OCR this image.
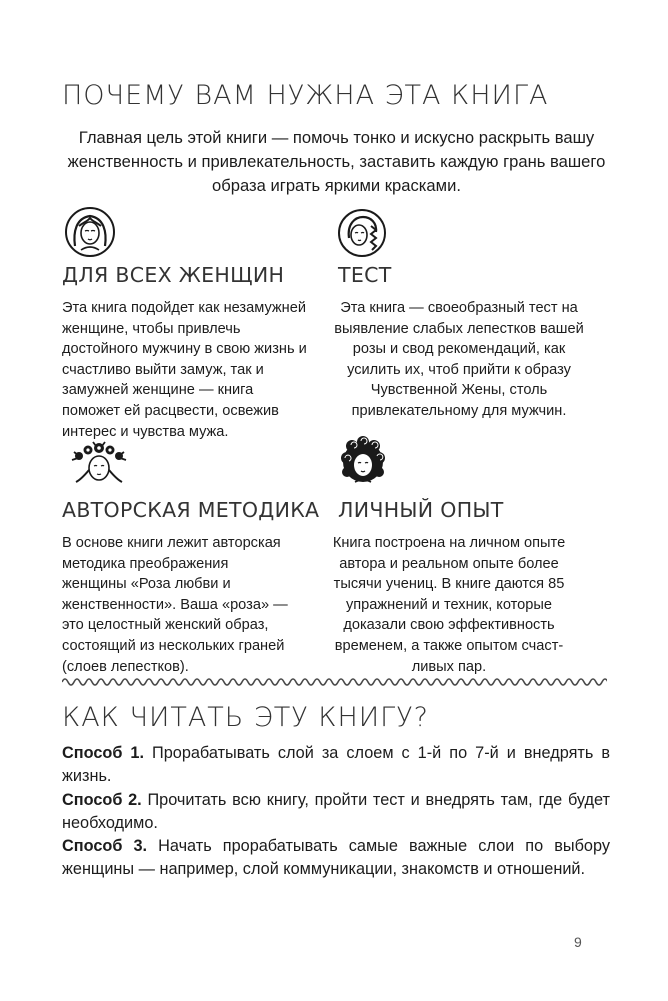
ПОЧЕМУ ВАМ НУЖНА ЭТА КНИГА
Главная цель этой книги — помочь тонко и искусно раскрыть вашу женственность и привлекательность, заставить каждую грань вашего образа играть яркими красками.
ДЛЯ ВСЕХ ЖЕНЩИН	ТЕСТ
Эта книга подойдет как незамужней женщине, чтобы привлечь достойного мужчину в свою жизнь и счастливо выйти замуж, так и замужней женщине — книга поможет ей расцвести, освежив интерес и чувства мужа.
Эта книга — своеобразный тест на выявление слабых лепестков вашей розы и свод рекомендаций, как усилить их, чтоб прийти к образу Чувственной Жены, столь привлекательному для мужчин.
АВТОРСКАЯ МЕТОДИКА ЛИЧНЫЙ ОПЫТ
В основе книги лежит авторская методика преображения женщины «Роза любви и женственности». Ваша «роза» — это целостный женский образ, состоящий из нескольких граней (слоев лепестков).
Книга построена на личном опыте автора и реальном опыте более тысячи учениц. В книге даются 85 упражнений и техник, которые доказали свою эффективность временем, а также опытом счастливых пар.
КАК ЧИТАТЬ ЭТУ КНИГУ?

Способ 1. Прорабатывать слой за слоем с 1-й по 7-й и внедрять в жизнь.

Способ 2. Прочитать всю книгу, пройти тест и внедрять там, где будет необходимо.

Способ 3. Начать прорабатывать самые важные слои по выбору женщины — например, слой коммуникации, знакомств и отношений.

9
